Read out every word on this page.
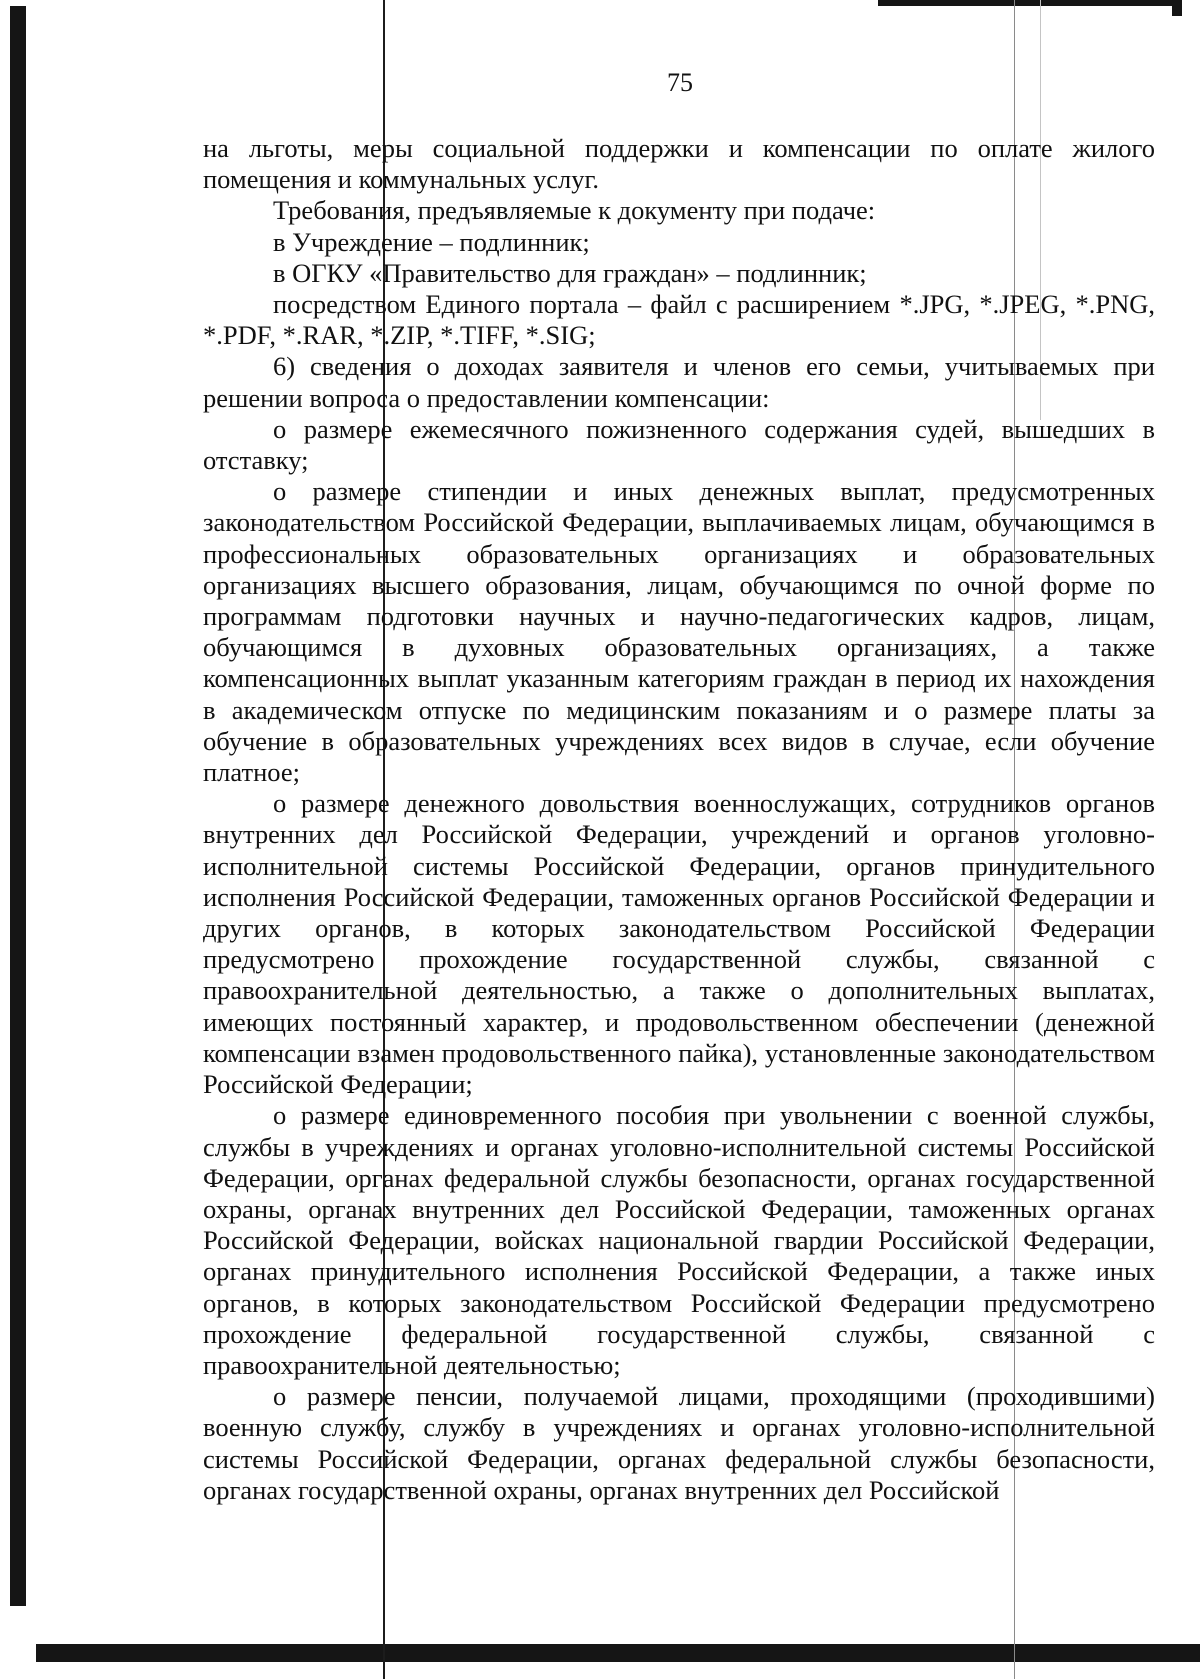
75

на льготы, меры социальной поддержки и компенсации по оплате жилого помещения и коммунальных услуг.

Требования, предъявляемые к документу при подаче:

в Учреждение – подлинник;

в ОГКУ «Правительство для граждан» – подлинник;

посредством Единого портала – файл с расширением *.JPG, *.JPEG, *.PNG, *.PDF, *.RAR, *.ZIP, *.TIFF, *.SIG;

6) сведения о доходах заявителя и членов его семьи, учитываемых при решении вопроса о предоставлении компенсации:

о размере ежемесячного пожизненного содержания судей, вышедших в отставку;

о размере стипендии и иных денежных выплат, предусмотренных законодательством Российской Федерации, выплачиваемых лицам, обучающимся в профессиональных образовательных организациях и образовательных организациях высшего образования, лицам, обучающимся по очной форме по программам подготовки научных и научно-педагогических кадров, лицам, обучающимся в духовных образовательных организациях, а также компенсационных выплат указанным категориям граждан в период их нахождения в академическом отпуске по медицинским показаниям и о размере платы за обучение в образовательных учреждениях всех видов в случае, если обучение платное;

о размере денежного довольствия военнослужащих, сотрудников органов внутренних дел Российской Федерации, учреждений и органов уголовно-исполнительной системы Российской Федерации, органов принудительного исполнения Российской Федерации, таможенных органов Российской Федерации и других органов, в которых законодательством Российской Федерации предусмотрено прохождение государственной службы, связанной с правоохранительной деятельностью, а также о дополнительных выплатах, имеющих постоянный характер, и продовольственном обеспечении (денежной компенсации взамен продовольственного пайка), установленные законодательством Российской Федерации;

о размере единовременного пособия при увольнении с военной службы, службы в учреждениях и органах уголовно-исполнительной системы Российской Федерации, органах федеральной службы безопасности, органах государственной охраны, органах внутренних дел Российской Федерации, таможенных органах Российской Федерации, войсках национальной гвардии Российской Федерации, органах принудительного исполнения Российской Федерации, а также иных органов, в которых законодательством Российской Федерации предусмотрено прохождение федеральной государственной службы, связанной с правоохранительной деятельностью;

о размере пенсии, получаемой лицами, проходящими (проходившими) военную службу, службу в учреждениях и органах уголовно-исполнительной системы Российской Федерации, органах федеральной службы безопасности, органах государственной охраны, органах внутренних дел Российской
